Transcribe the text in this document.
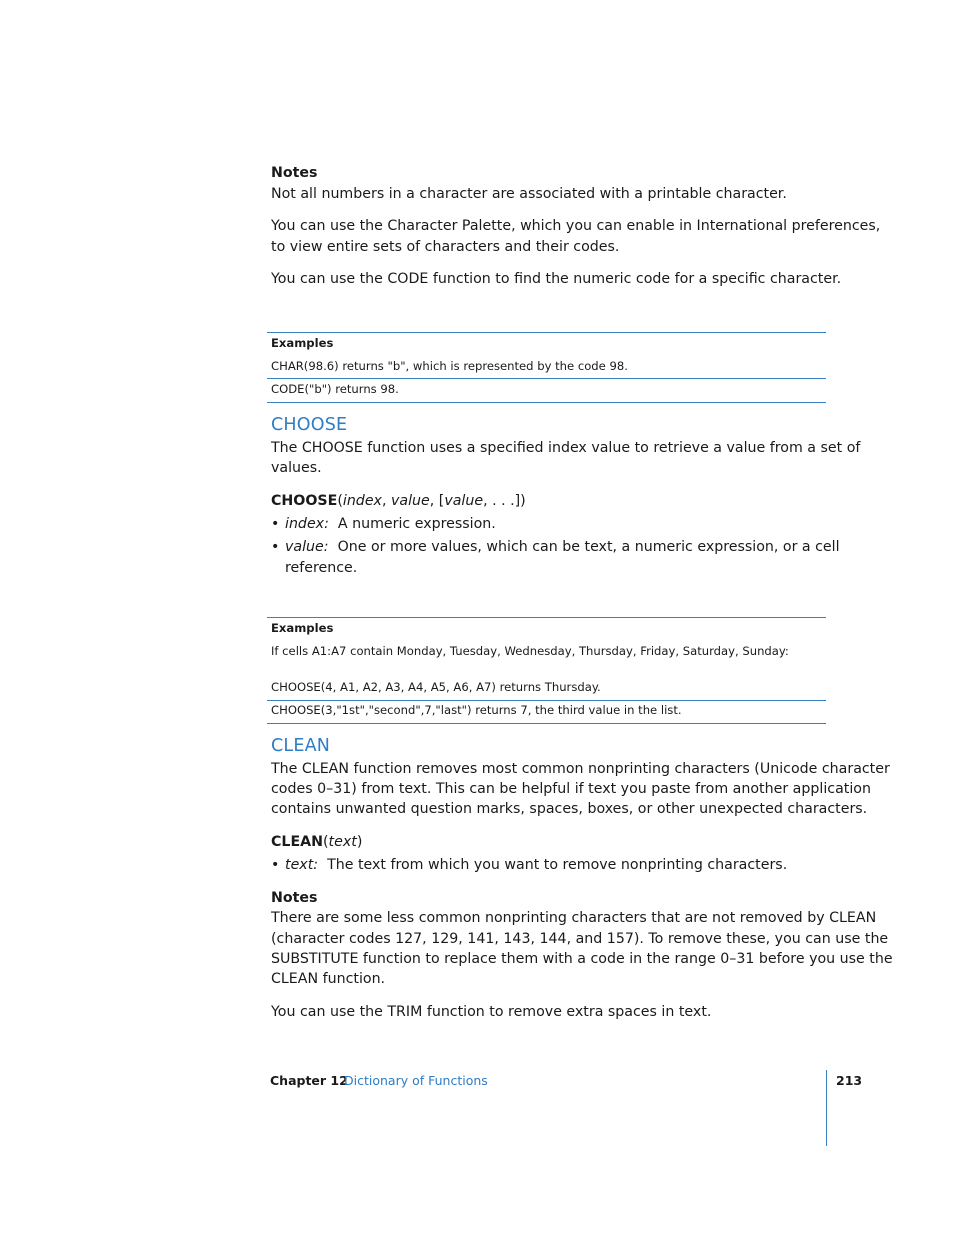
Notes
Not all numbers in a character are associated with a printable character.
You can use the Character Palette, which you can enable in International preferences,
to view entire sets of characters and their codes.
You can use the CODE function to find the numeric code for a specific character.
Examples
CHAR(98.6) returns "b", which is represented by the code 98.
CODE("b") returns 98.
CHOOSE
The CHOOSE function uses a specified index value to retrieve a value from a set of
values.
CHOOSE(index, value, [value, . . .])
• index: A numeric expression.
• value: One or more values, which can be text, a numeric expression, or a cell
reference.
Examples
If cells A1:A7 contain Monday, Tuesday, Wednesday, Thursday, Friday, Saturday, Sunday:
CHOOSE(4, A1, A2, A3, A4, A5, A6, A7) returns Thursday.
CHOOSE(3,"1st","second",7,"last") returns 7, the third value in the list.
CLEAN
The CLEAN function removes most common nonprinting characters (Unicode character
codes 0–31) from text. This can be helpful if text you paste from another application
contains unwanted question marks, spaces, boxes, or other unexpected characters.
CLEAN(text)
• text: The text from which you want to remove nonprinting characters.
Notes
There are some less common nonprinting characters that are not removed by CLEAN
(character codes 127, 129, 141, 143, 144, and 157). To remove these, you can use the
SUBSTITUTE function to replace them with a code in the range 0–31 before you use the
CLEAN function.
You can use the TRIM function to remove extra spaces in text.
Chapter 12
Dictionary of Functions	213
